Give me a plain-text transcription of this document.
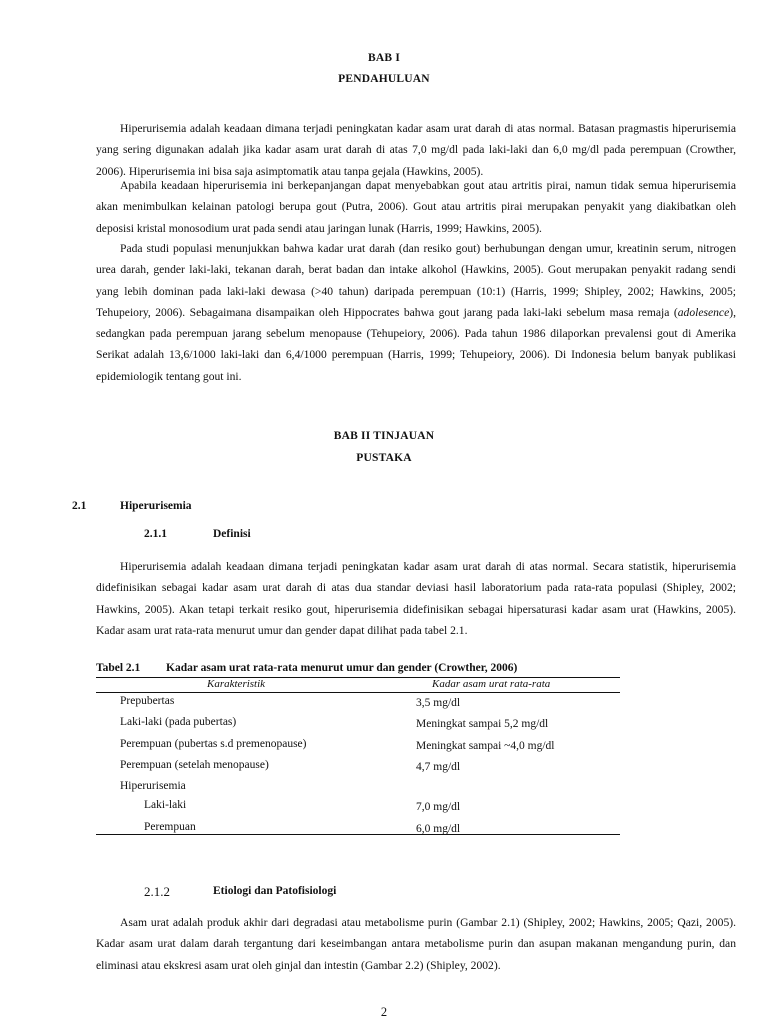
BAB I
PENDAHULUAN

Hiperurisemia adalah keadaan dimana terjadi peningkatan kadar asam urat darah di atas normal. Batasan pragmastis hiperurisemia yang sering digunakan adalah jika kadar asam urat darah di atas 7,0 mg/dl pada laki-laki dan 6,0 mg/dl pada perempuan (Crowther, 2006). Hiperurisemia ini bisa saja asimptomatik atau tanpa gejala (Hawkins, 2005).

Apabila keadaan hiperurisemia ini berkepanjangan dapat menyebabkan gout atau artritis pirai, namun tidak semua hiperurisemia akan menimbulkan kelainan patologi berupa gout (Putra, 2006). Gout atau artritis pirai merupakan penyakit yang diakibatkan oleh deposisi kristal monosodium urat pada sendi atau jaringan lunak (Harris, 1999; Hawkins, 2005).

Pada studi populasi menunjukkan bahwa kadar urat darah (dan resiko gout) berhubungan dengan umur, kreatinin serum, nitrogen urea darah, gender laki-laki, tekanan darah, berat badan dan intake alkohol (Hawkins, 2005). Gout merupakan penyakit radang sendi yang lebih dominan pada laki-laki dewasa (>40 tahun) daripada perempuan (10:1) (Harris, 1999; Shipley, 2002; Hawkins, 2005; Tehupeiory, 2006). Sebagaimana disampaikan oleh Hippocrates bahwa gout jarang pada laki-laki sebelum masa remaja (adolesence), sedangkan pada perempuan jarang sebelum menopause (Tehupeiory, 2006). Pada tahun 1986 dilaporkan prevalensi gout di Amerika Serikat adalah 13,6/1000 laki-laki dan 6,4/1000 perempuan (Harris, 1999; Tehupeiory, 2006). Di Indonesia belum banyak publikasi epidemiologik tentang gout ini.

BAB II TINJAUAN
PUSTAKA
2.1	Hiperurisemia
2.1.1	Definisi

Hiperurisemia adalah keadaan dimana terjadi peningkatan kadar asam urat darah di atas normal. Secara statistik, hiperurisemia didefinisikan sebagai kadar asam urat darah di atas dua standar deviasi hasil laboratorium pada rata-rata populasi (Shipley, 2002; Hawkins, 2005). Akan tetapi terkait resiko gout, hiperurisemia didefinisikan sebagai hipersaturasi kadar asam urat (Hawkins, 2005). Kadar asam urat rata-rata menurut umur dan gender dapat dilihat pada tabel 2.1.

Tabel 2.1 Kadar asam urat rata-rata menurut umur dan gender (Crowther, 2006)
Karakteristik	Kadar asam urat rata-rata
Prepubertas	3,5 mg/dl
Laki-laki (pada pubertas)	Meningkat sampai 5,2 mg/dl
Perempuan (pubertas s.d premenopause)	Meningkat sampai ~4,0 mg/dl
Perempuan (setelah menopause)	4,7 mg/dl
Hiperurisemia
Laki-laki	7,0 mg/dl
Perempuan	6,0 mg/dl
2.1.2	Etiologi dan Patofisiologi

Asam urat adalah produk akhir dari degradasi atau metabolisme purin (Gambar 2.1) (Shipley, 2002; Hawkins, 2005; Qazi, 2005). Kadar asam urat dalam darah tergantung dari keseimbangan antara metabolisme purin dan asupan makanan mengandung purin, dan eliminasi atau ekskresi asam urat oleh ginjal dan intestin (Gambar 2.2) (Shipley, 2002).

2
